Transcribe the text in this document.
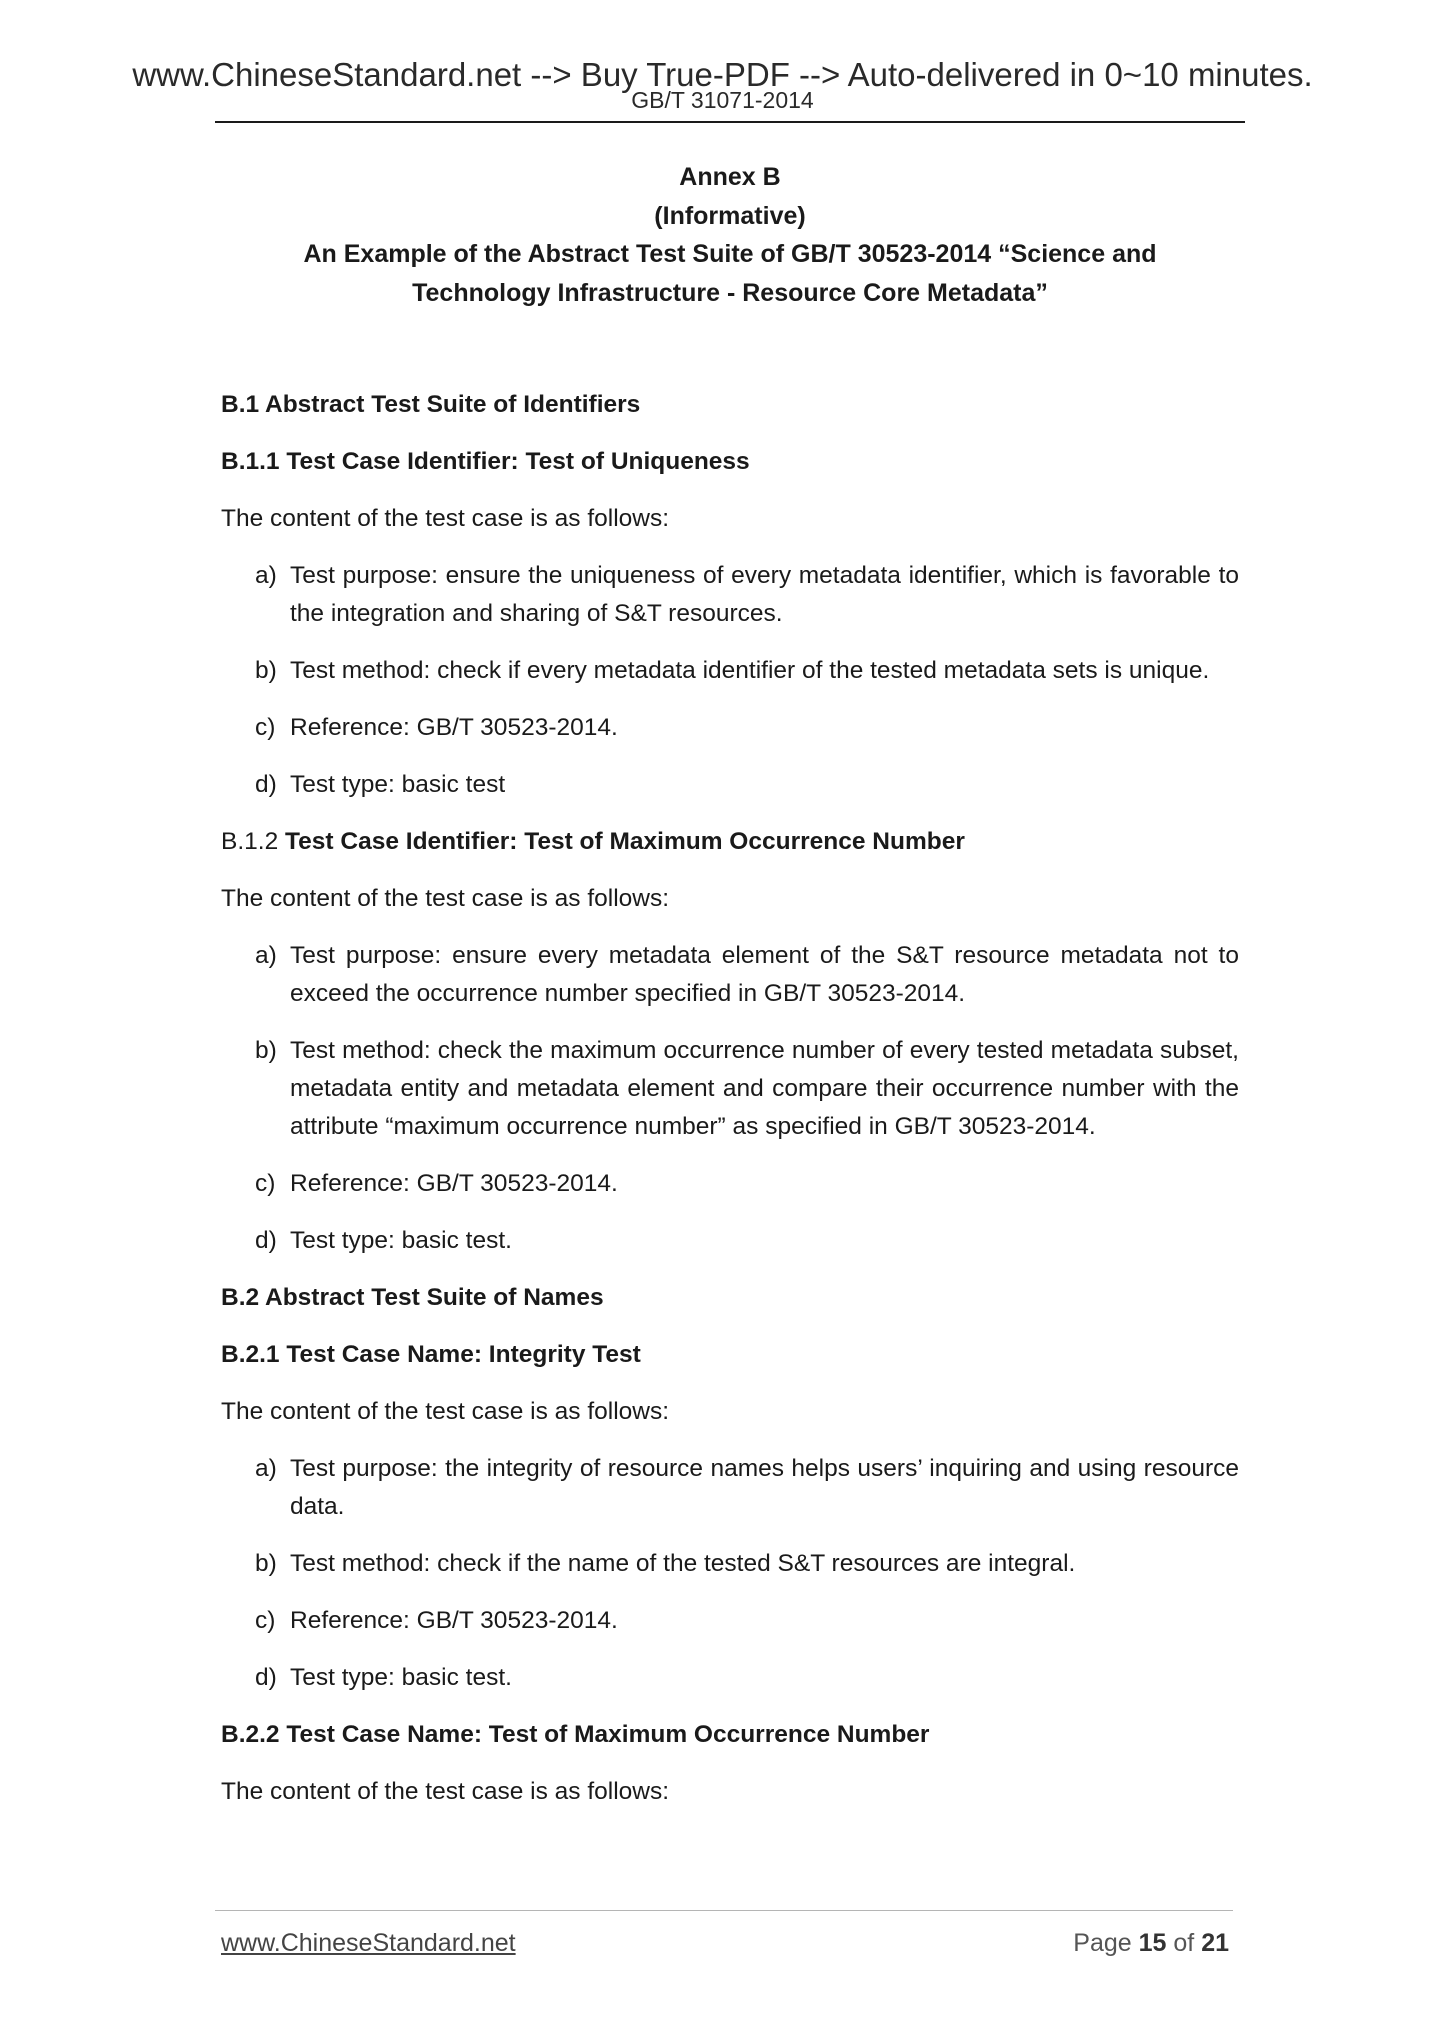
www.ChineseStandard.net --> Buy True-PDF --> Auto-delivered in 0~10 minutes.
GB/T 31071-2014
Annex B
(Informative)
An Example of the Abstract Test Suite of GB/T 30523-2014 “Science and
Technology Infrastructure - Resource Core Metadata”
B.1 Abstract Test Suite of Identifiers
B.1.1 Test Case Identifier: Test of Uniqueness

The content of the test case is as follows:

a) Test purpose: ensure the uniqueness of every metadata identifier, which is favorable to the integration and sharing of S&T resources.
b) Test method: check if every metadata identifier of the tested metadata sets is unique.
c) Reference: GB/T 30523-2014.
d) Test type: basic test
B.1.2 Test Case Identifier: Test of Maximum Occurrence Number

The content of the test case is as follows:

a) Test purpose: ensure every metadata element of the S&T resource metadata not to exceed the occurrence number specified in GB/T 30523-2014.
b) Test method: check the maximum occurrence number of every tested metadata subset, metadata entity and metadata element and compare their occurrence number with the attribute “maximum occurrence number” as specified in GB/T 30523-2014.
c) Reference: GB/T 30523-2014.
d) Test type: basic test.
B.2 Abstract Test Suite of Names
B.2.1 Test Case Name: Integrity Test

The content of the test case is as follows:

a) Test purpose: the integrity of resource names helps users’ inquiring and using resource data.
b) Test method: check if the name of the tested S&T resources are integral.
c) Reference: GB/T 30523-2014.
d) Test type: basic test.
B.2.2 Test Case Name: Test of Maximum Occurrence Number

The content of the test case is as follows:

www.ChineseStandard.net	Page 15 of 21
